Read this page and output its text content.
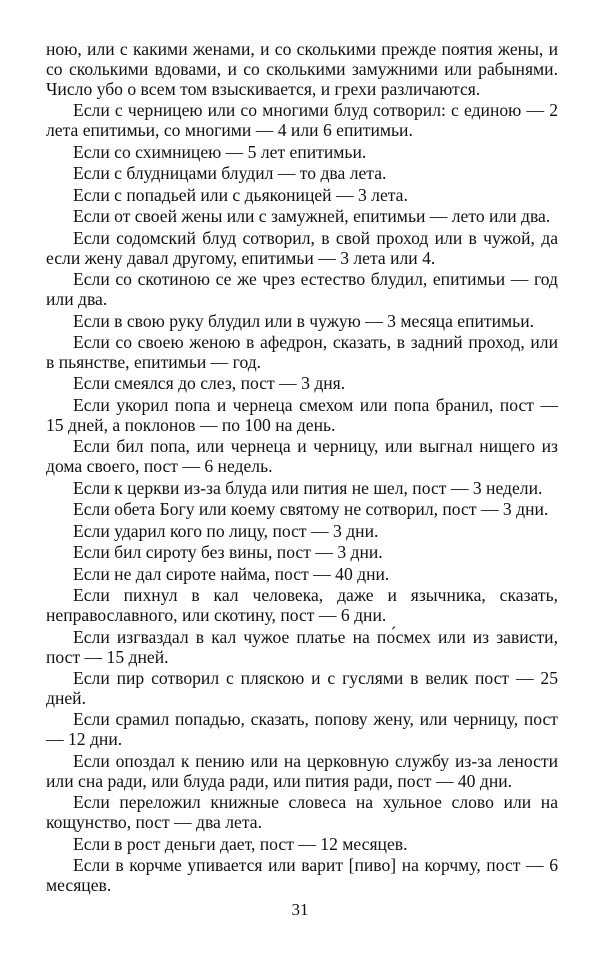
ною, или с какими женами, и со сколькими прежде поятия жены, и со сколькими вдовами, и со сколькими замужними или рабынями. Число убо о всем том взыскивается, и грехи различаются.

Если с черницею или со многими блуд сотворил: с единою — 2 лета епитимьи, со многими — 4 или 6 епитимьи.

Если со схимницею — 5 лет епитимьи.

Если с блудницами блудил — то два лета.

Если с попадьей или с дьяконицей — 3 лета.

Если от своей жены или с замужней, епитимьи — лето или два.

Если содомский блуд сотворил, в свой проход или в чужой, да если жену давал другому, епитимьи — 3 лета или 4.

Если со скотиною се же чрез естество блудил, епитимьи — год или два.

Если в свою руку блудил или в чужую — 3 месяца епитимьи.

Если со своею женою в афедрон, сказать, в задний проход, или в пьянстве, епитимьи — год.

Если смеялся до слез, пост — 3 дня.

Если укорил попа и чернеца смехом или попа бранил, пост — 15 дней, а поклонов — по 100 на день.

Если бил попа, или чернеца и черницу, или выгнал нищего из дома своего, пост — 6 недель.

Если к церкви из-за блуда или пития не шел, пост — 3 недели.

Если обета Богу или коему святому не сотворил, пост — 3 дни.

Если ударил кого по лицу, пост — 3 дни.

Если бил сироту без вины, пост — 3 дни.

Если не дал сироте найма, пост — 40 дни.

Если пихнул в кал человека, даже и язычника, сказать, неправославного, или скотину, пост — 6 дни.

Если изгваздал в кал чужое платье на по́смех или из зависти, пост — 15 дней.

Если пир сотворил с пляскою и с гуслями в велик пост — 25 дней.

Если срамил попадью, сказать, попову жену, или черницу, пост — 12 дни.

Если опоздал к пению или на церковную службу из-за лености или сна ради, или блуда ради, или пития ради, пост — 40 дни.

Если переложил книжные словеса на хульное слово или на кощунство, пост — два лета.

Если в рост деньги дает, пост — 12 месяцев.

Если в корчме упивается или варит [пиво] на корчму, пост — 6 месяцев.

31
